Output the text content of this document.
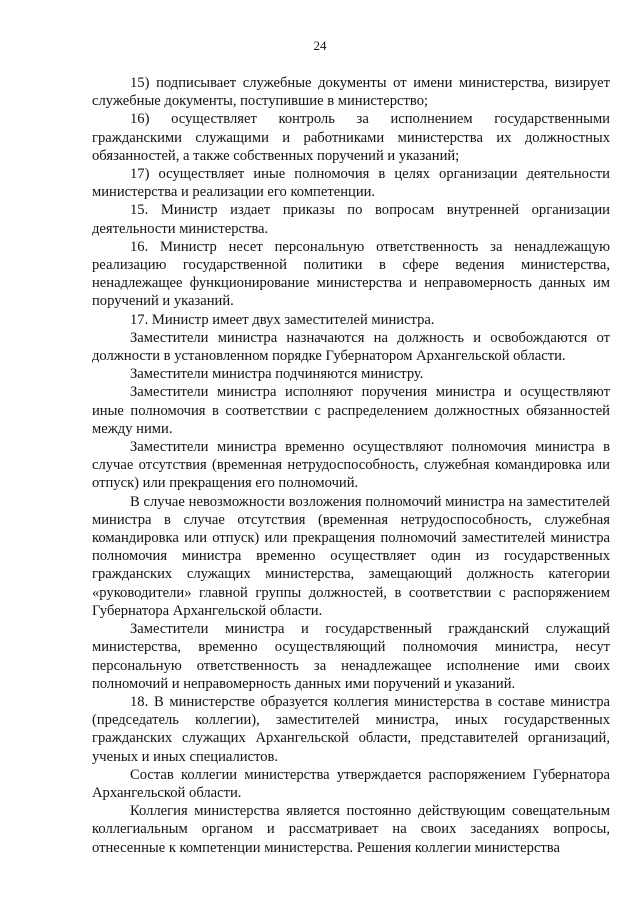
24

15) подписывает служебные документы от имени министерства, визирует служебные документы, поступившие в министерство;

16) осуществляет контроль за исполнением государственными гражданскими служащими и работниками министерства их должностных обязанностей, а также собственных поручений и указаний;

17) осуществляет иные полномочия в целях организации деятельности министерства и реализации его компетенции.

15. Министр издает приказы по вопросам внутренней организации деятельности министерства.

16. Министр несет персональную ответственность за ненадлежащую реализацию государственной политики в сфере ведения министерства, ненадлежащее функционирование министерства и неправомерность данных им поручений и указаний.

17. Министр имеет двух заместителей министра.

Заместители министра назначаются на должность и освобождаются от должности в установленном порядке Губернатором Архангельской области.

Заместители министра подчиняются министру.

Заместители министра исполняют поручения министра и осуществляют иные полномочия в соответствии с распределением должностных обязанностей между ними.

Заместители министра временно осуществляют полномочия министра в случае отсутствия (временная нетрудоспособность, служебная командировка или отпуск) или прекращения его полномочий.

В случае невозможности возложения полномочий министра на заместителей министра в случае отсутствия (временная нетрудоспособность, служебная командировка или отпуск) или прекращения полномочий заместителей министра полномочия министра временно осуществляет один из государственных гражданских служащих министерства, замещающий должность категории «руководители» главной группы должностей, в соответствии с распоряжением Губернатора Архангельской области.

Заместители министра и государственный гражданский служащий министерства, временно осуществляющий полномочия министра, несут персональную ответственность за ненадлежащее исполнение ими своих полномочий и неправомерность данных ими поручений и указаний.

18. В министерстве образуется коллегия министерства в составе министра (председатель коллегии), заместителей министра, иных государственных гражданских служащих Архангельской области, представителей организаций, ученых и иных специалистов.

Состав коллегии министерства утверждается распоряжением Губернатора Архангельской области.

Коллегия министерства является постоянно действующим совещательным коллегиальным органом и рассматривает на своих заседаниях вопросы, отнесенные к компетенции министерства. Решения коллегии министерства
